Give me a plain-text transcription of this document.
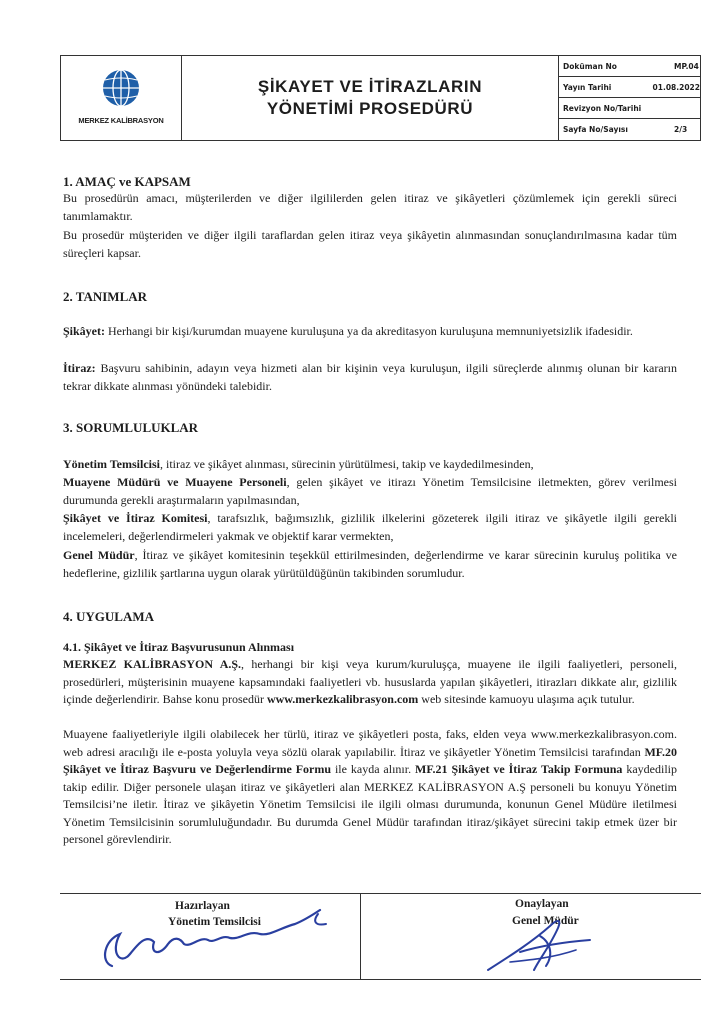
MERKEZ KALİBRASYON
ŞİKAYET VE İTİRAZLARIN
YÖNETİMİ PROSEDÜRÜ
Doküman No	MP.04
Yayın Tarihi	01.08.2022
Revizyon No/Tarihi
Sayfa No/Sayısı	2/3
1. AMAÇ ve KAPSAM
Bu prosedürün amacı, müşterilerden ve diğer ilgililerden gelen itiraz ve şikâyetleri çözümlemek için gerekli süreci tanımlamaktır.
Bu prosedür müşteriden ve diğer ilgili taraflardan gelen itiraz veya şikâyetin alınmasından sonuçlandırılmasına kadar tüm süreçleri kapsar.
2. TANIMLAR
Şikâyet: Herhangi bir kişi/kurumdan muayene kuruluşuna ya da akreditasyon kuruluşuna memnuniyetsizlik ifadesidir.
İtiraz: Başvuru sahibinin, adayın veya hizmeti alan bir kişinin veya kuruluşun, ilgili süreçlerde alınmış olunan bir kararın tekrar dikkate alınması yönündeki talebidir.
3. SORUMLULUKLAR
Yönetim Temsilcisi, itiraz ve şikâyet alınması, sürecinin yürütülmesi, takip ve kaydedilmesinden,
Muayene Müdürü ve Muayene Personeli, gelen şikâyet ve itirazı Yönetim Temsilcisine iletmekten, görev verilmesi durumunda gerekli araştırmaların yapılmasından,
Şikâyet ve İtiraz Komitesi, tarafsızlık, bağımsızlık, gizlilik ilkelerini gözeterek ilgili itiraz ve şikâyetle ilgili gerekli incelemeleri, değerlendirmeleri yakmak ve objektif karar vermekten,
Genel Müdür, İtiraz ve şikâyet komitesinin teşekkül ettirilmesinden, değerlendirme ve karar sürecinin kuruluş politika ve hedeflerine, gizlilik şartlarına uygun olarak yürütüldüğünün takibinden sorumludur.
4. UYGULAMA
4.1. Şikâyet ve İtiraz Başvurusunun Alınması
MERKEZ KALİBRASYON A.Ş., herhangi bir kişi veya kurum/kuruluşça, muayene ile ilgili faaliyetleri, personeli, prosedürleri, müşterisinin muayene kapsamındaki faaliyetleri vb. hususlarda yapılan şikâyetleri, itirazları dikkate alır, gizlilik içinde değerlendirir. Bahse konu prosedür www.merkezkalibrasyon.com web sitesinde kamuoyu ulaşıma açık tutulur.
Muayene faaliyetleriyle ilgili olabilecek her türlü, itiraz ve şikâyetleri posta, faks, elden veya www.merkezkalibrasyon.com. web adresi aracılığı ile e-posta yoluyla veya sözlü olarak yapılabilir. İtiraz ve şikâyetler Yönetim Temsilcisi tarafından MF.20 Şikâyet ve İtiraz Başvuru ve Değerlendirme Formu ile kayda alınır. MF.21 Şikâyet ve İtiraz Takip Formuna kaydedilip takip edilir. Diğer personele ulaşan itiraz ve şikâyetleri alan MERKEZ KALİBRASYON A.Ş personeli bu konuyu Yönetim Temsilcisi’ne iletir. İtiraz ve şikâyetin Yönetim Temsilcisi ile ilgili olması durumunda, konunun Genel Müdüre iletilmesi Yönetim Temsilcisinin sorumluluğundadır. Bu durumda Genel Müdür tarafından itiraz/şikâyet sürecini takip etmek üzer bir personel görevlendirir.
Hazırlayan
Yönetim Temsilcisi
Onaylayan
Genel Müdür
